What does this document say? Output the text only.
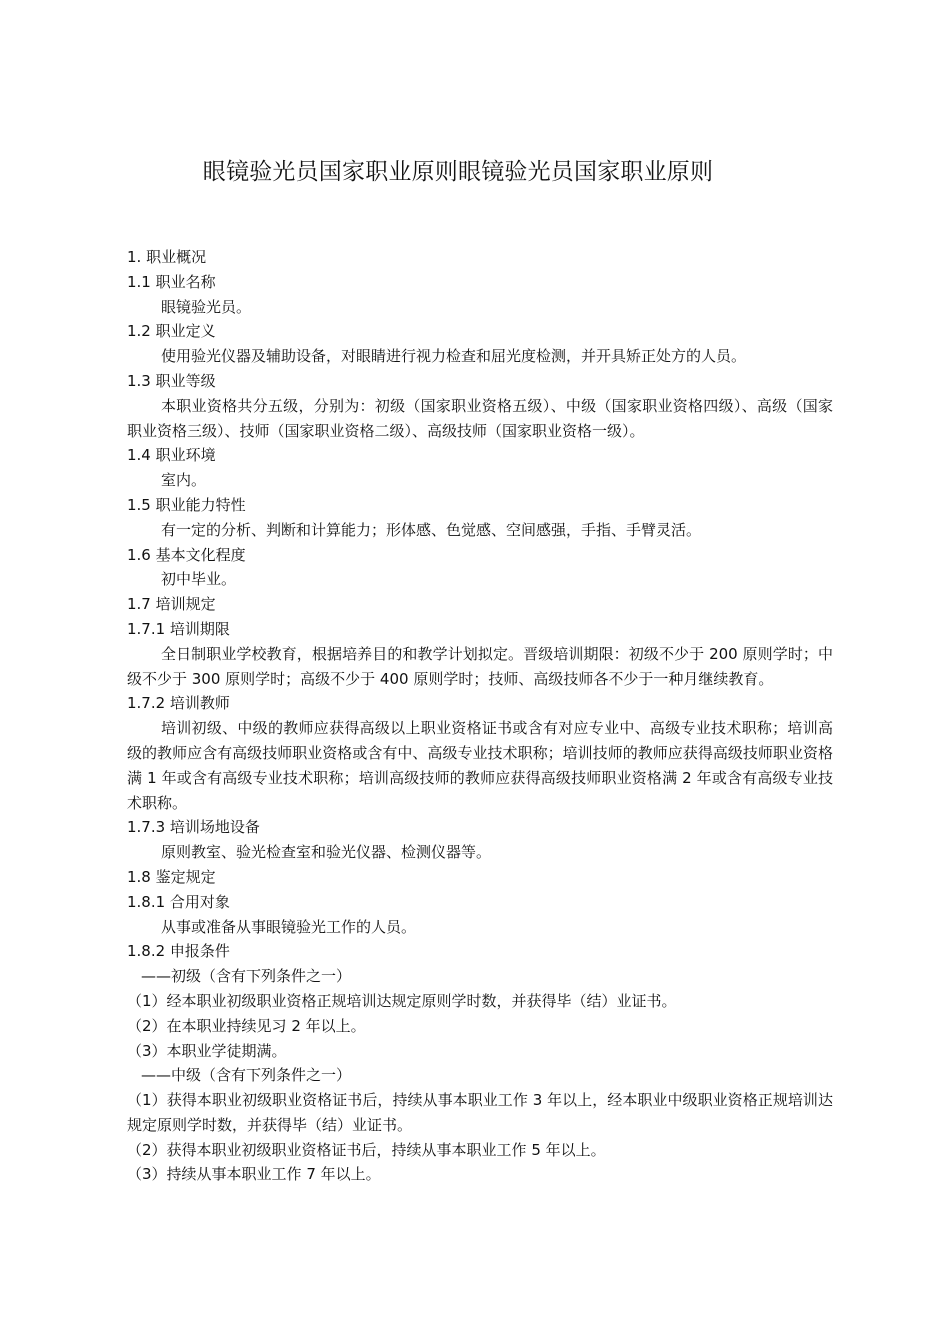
眼镜验光员国家职业原则眼镜验光员国家职业原则
1. 职业概况
1.1 职业名称
眼镜验光员。
1.2 职业定义
使用验光仪器及辅助设备，对眼睛进行视力检查和屈光度检测，并开具矫正处方的人员。
1.3 职业等级
本职业资格共分五级，分别为：初级（国家职业资格五级）、中级（国家职业资格四级）、高级（国家职业资格三级）、技师（国家职业资格二级）、高级技师（国家职业资格一级）。
1.4 职业环境
室内。
1.5 职业能力特性
有一定的分析、判断和计算能力；形体感、色觉感、空间感强，手指、手臂灵活。
1.6 基本文化程度
初中毕业。
1.7 培训规定
1.7.1 培训期限
全日制职业学校教育，根据培养目的和教学计划拟定。晋级培训期限：初级不少于 200 原则学时；中级不少于 300 原则学时；高级不少于 400 原则学时；技师、高级技师各不少于一种月继续教育。
1.7.2 培训教师
培训初级、中级的教师应获得高级以上职业资格证书或含有对应专业中、高级专业技术职称；培训高级的教师应含有高级技师职业资格或含有中、高级专业技术职称；培训技师的教师应获得高级技师职业资格满 1 年或含有高级专业技术职称；培训高级技师的教师应获得高级技师职业资格满 2 年或含有高级专业技术职称。
1.7.3 培训场地设备
原则教室、验光检查室和验光仪器、检测仪器等。
1.8 鉴定规定
1.8.1 合用对象
从事或准备从事眼镜验光工作的人员。
1.8.2 申报条件
——初级（含有下列条件之一）
（1）经本职业初级职业资格正规培训达规定原则学时数，并获得毕（结）业证书。
（2）在本职业持续见习 2 年以上。
（3）本职业学徒期满。
——中级（含有下列条件之一）
（1）获得本职业初级职业资格证书后，持续从事本职业工作 3 年以上，经本职业中级职业资格正规培训达规定原则学时数，并获得毕（结）业证书。
（2）获得本职业初级职业资格证书后，持续从事本职业工作 5 年以上。
（3）持续从事本职业工作 7 年以上。
